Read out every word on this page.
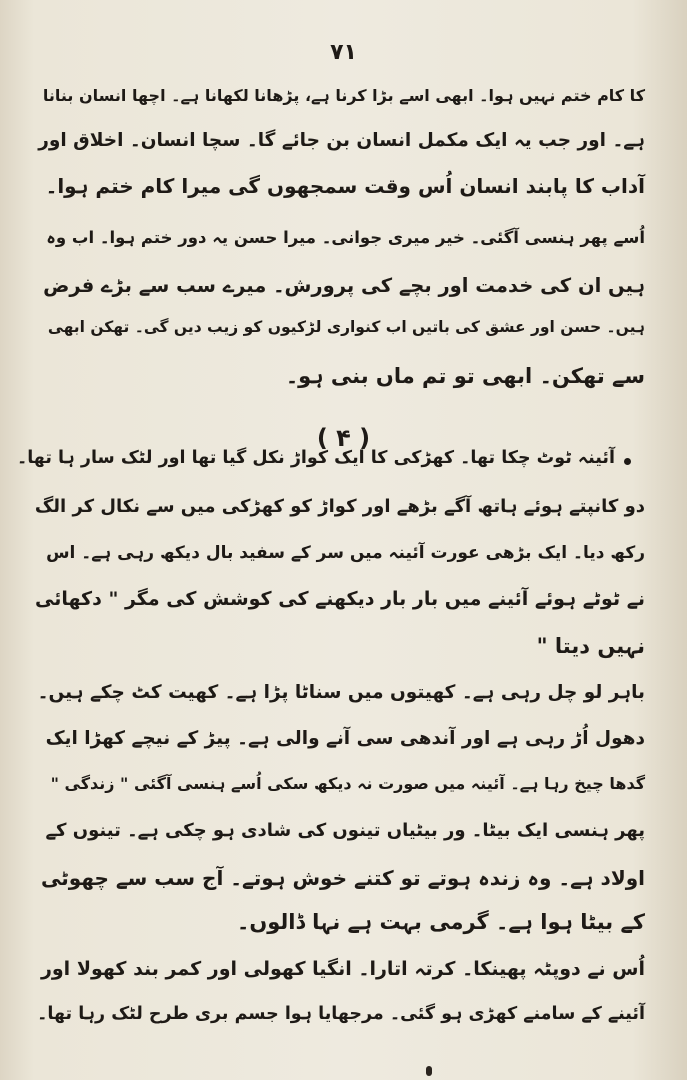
۷۱
کا کام ختم نہیں ہوا۔ ابھی اسے بڑا کرنا ہے، پڑھانا لکھانا ہے۔ اچھا انسان بنانا
ہے۔ اور جب یہ ایک مکمل انسان بن جائے گا۔ سچا انسان۔ اخلاق اور
آداب کا پابند انسان اُس وقت سمجھوں گی میرا کام ختم ہوا۔
اُسے پھر ہنسی آگئی۔ خیر میری جوانی۔ میرا حسن یہ دور ختم ہوا۔ اب وہ
ہیں ان کی خدمت اور بچے کی پرورش۔ میرے سب سے بڑے فرض
ہیں۔ حسن اور عشق کی باتیں اب کنواری لڑکیوں کو زیب دیں گی۔ تھکن ابھی
سے تھکن۔ ابھی تو تم ماں بنی ہو۔
( ۴ )
آئینہ ٹوٹ چکا تھا۔ کھڑکی کا ایک کواڑ نکل گیا تھا اور لٹک سار ہا تھا۔
دو کانپتے ہوئے ہاتھ آگے بڑھے اور کواڑ کو کھڑکی میں سے نکال کر الگ
رکھ دیا۔ ایک بڑھی عورت آئینہ میں سر کے سفید بال دیکھ رہی ہے۔ اس
نے ٹوٹے ہوئے آئینے میں بار بار دیکھنے کی کوشش کی مگر " دکھائی
نہیں دیتا "
باہر لو چل رہی ہے۔ کھیتوں میں سناٹا پڑا ہے۔ کھیت کٹ چکے ہیں۔
دھول اُڑ رہی ہے اور آندھی سی آنے والی ہے۔ پیڑ کے نیچے کھڑا ایک
گدھا چیخ رہا ہے۔ آئینہ میں صورت نہ دیکھ سکی اُسے ہنسی آگئی " زندگی "
پھر ہنسی ایک بیٹا۔ ور بیٹیاں تینوں کی شادی ہو چکی ہے۔ تینوں کے
اولاد ہے۔ وہ زندہ ہوتے تو کتنے خوش ہوتے۔ آج سب سے چھوٹی
کے بیٹا ہوا ہے۔ گرمی بہت ہے نہا ڈالوں۔
اُس نے دوپٹہ پھینکا۔ کرتہ اتارا۔ انگیا کھولی اور کمر بند کھولا اور
آئینے کے سامنے کھڑی ہو گئی۔ مرجھایا ہوا جسم بری طرح لٹک رہا تھا۔
